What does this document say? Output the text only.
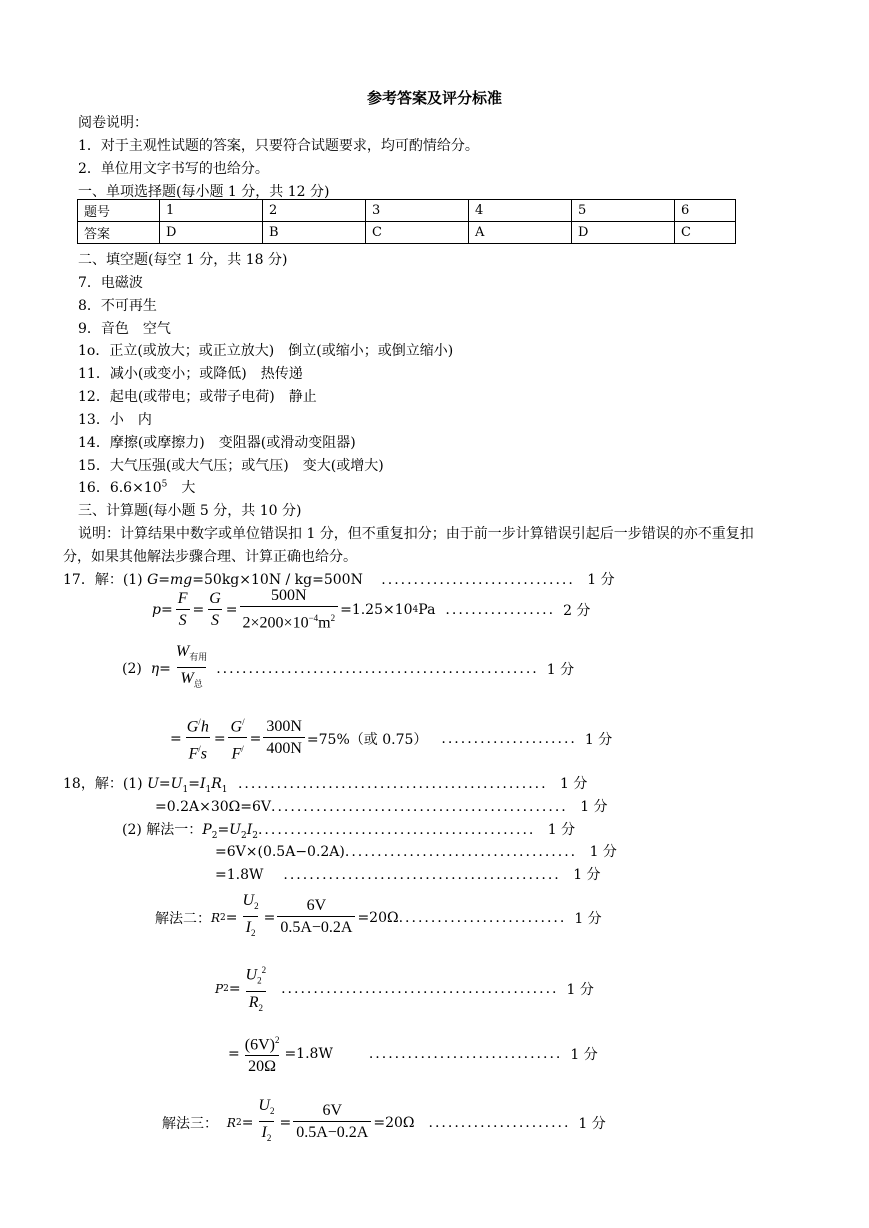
参考答案及评分标准
阅卷说明：
1．对于主观性试题的答案，只要符合试题要求，均可酌情给分。
2．单位用文字书写的也给分。
一、单项选择题(每小题 1 分，共 12 分)
题号	1	2	3	4	5	6
答案	D	B	C	A	D	C
二、填空题(每空 1 分，共 18 分)
7．电磁波
8．不可再生
9．音色　空气
1o．正立(或放大；或正立放大)　倒立(或缩小；或倒立缩小)
11．减小(或变小；或降低)　热传递
12．起电(或带电；或带子电荷)　静止
13．小　内
14．摩擦(或摩擦力)　变阻器(或滑动变阻器)
15．大气压强(或大气压；或气压)　变大(或增大)
16．$6.6\times 10^5$　大
三、计算题(每小题 5 分，共 10 分)
说明：计算结果中数字或单位错误扣 1 分，但不重复扣分；由于前一步计算错误引起后一步错误的亦不重复扣
分，如果其他解法步骤合理、计算正确也给分。
17．解：(1) G=mg=50kg×10N / kg=500N .............................. 1 分
$p = \frac{F}{S} = \frac{G}{S} = \frac{500N}{2\times 200\times 10^{-4}m^2} =1.25\times 10$ 4 Pa ................. 2 分
(2)
$\eta = \frac{W_{有用}}{W_总}$ .................................................. 1 分
= $\frac{G^/h}{F^/s} = \frac{G^/}{F^/} = \frac{300N}{400N} =75\%$（或 0.75） ..................... 1 分
18，解：(1) $U=U_1=I_1R_1$ ................................................ 1 分
=0.2A×30Ω=6V.............................................. 1 分
(2) 解法一：$P_2=U_2I_2$........................................... 1 分
=6V×(0.5A−0.2A).................................... 1 分
=1.8W ........................................... 1 分
解法二： R $2 = \frac{U_2}{I_2} = \frac{6V}{0.5A-0.2A} =20\Omega$ .......................... 1 分
P $2 = \frac{U_2^2}{R_2}$ ........................................... 1 分
= $\frac{(6V)^2}{20\Omega} =1.8W$	.............................. 1 分
解法三：
R $2 = \frac{U_2}{I_2} = \frac{6V}{0.5A-0.2A} =20\Omega$ ...................... 1 分
